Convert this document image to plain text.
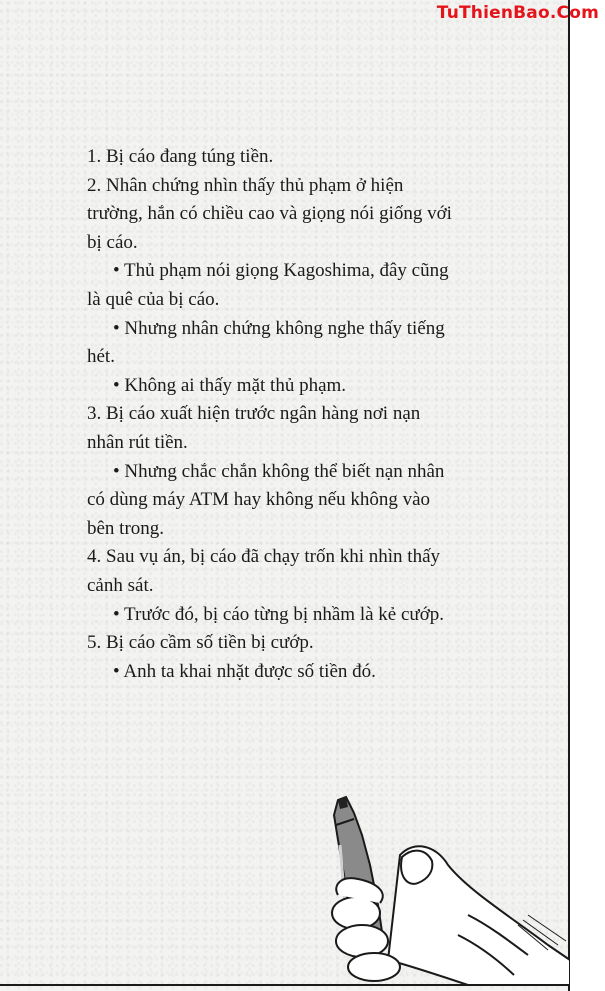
TuThienBao.Com
1. Bị cáo đang túng tiền.
2. Nhân chứng nhìn thấy thủ phạm ở hiện
trường, hắn có chiều cao và giọng nói giống với
bị cáo.
• Thủ phạm nói giọng Kagoshima, đây cũng
là quê của bị cáo.
• Nhưng nhân chứng không nghe thấy tiếng
hét.
• Không ai thấy mặt thủ phạm.
3. Bị cáo xuất hiện trước ngân hàng nơi nạn
nhân rút tiền.
• Nhưng chắc chắn không thể biết nạn nhân
có dùng máy ATM hay không nếu không vào
bên trong.
4. Sau vụ án, bị cáo đã chạy trốn khi nhìn thấy
cảnh sát.
• Trước đó, bị cáo từng bị nhầm là kẻ cướp.
5. Bị cáo cầm số tiền bị cướp.
• Anh ta khai nhặt được số tiền đó.
